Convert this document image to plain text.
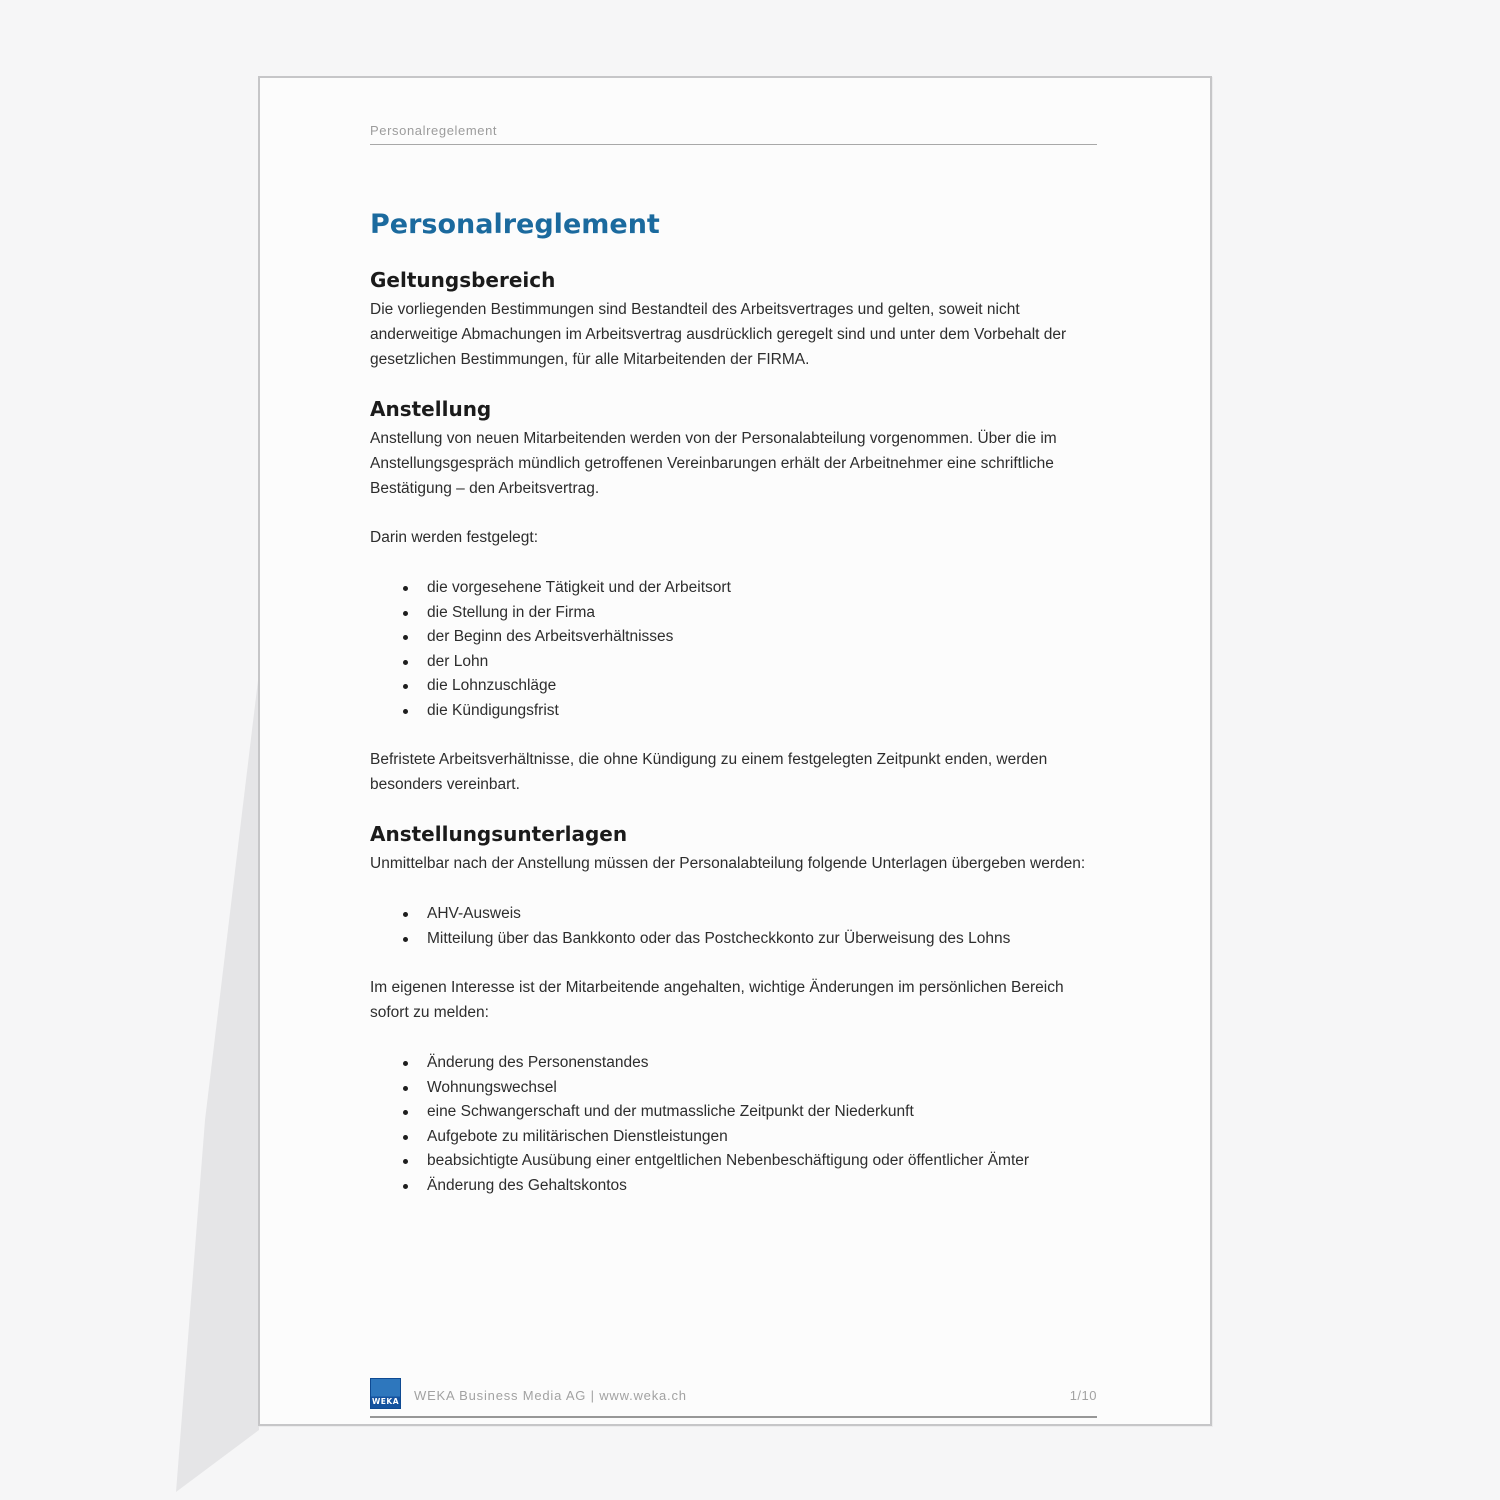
Personalregelement
Personalreglement
Geltungsbereich

Die vorliegenden Bestimmungen sind Bestandteil des Arbeitsvertrages und gelten, soweit nicht anderweitige Abmachungen im Arbeitsvertrag ausdrücklich geregelt sind und unter dem Vorbehalt der gesetzlichen Bestimmungen, für alle Mitarbeitenden der FIRMA.

Anstellung

Anstellung von neuen Mitarbeitenden werden von der Personalabteilung vorgenommen. Über die im Anstellungsgespräch mündlich getroffenen Vereinbarungen erhält der Arbeitnehmer eine schriftliche Bestätigung – den Arbeitsvertrag.

Darin werden festgelegt:

die vorgesehene Tätigkeit und der Arbeitsort
die Stellung in der Firma
der Beginn des Arbeitsverhältnisses
der Lohn
die Lohnzuschläge
die Kündigungsfrist

Befristete Arbeitsverhältnisse, die ohne Kündigung zu einem festgelegten Zeitpunkt enden, werden besonders vereinbart.

Anstellungsunterlagen

Unmittelbar nach der Anstellung müssen der Personalabteilung folgende Unterlagen übergeben werden:

AHV-Ausweis
Mitteilung über das Bankkonto oder das Postcheckkonto zur Überweisung des Lohns

Im eigenen Interesse ist der Mitarbeitende angehalten, wichtige Änderungen im persönlichen Bereich sofort zu melden:

Änderung des Personenstandes
Wohnungswechsel
eine Schwangerschaft und der mutmassliche Zeitpunkt der Niederkunft
Aufgebote zu militärischen Dienstleistungen
beabsichtigte Ausübung einer entgeltlichen Nebenbeschäftigung oder öffentlicher Ämter
Änderung des Gehaltskontos
WEKA WEKA Business Media AG | www.weka.ch	1/10
